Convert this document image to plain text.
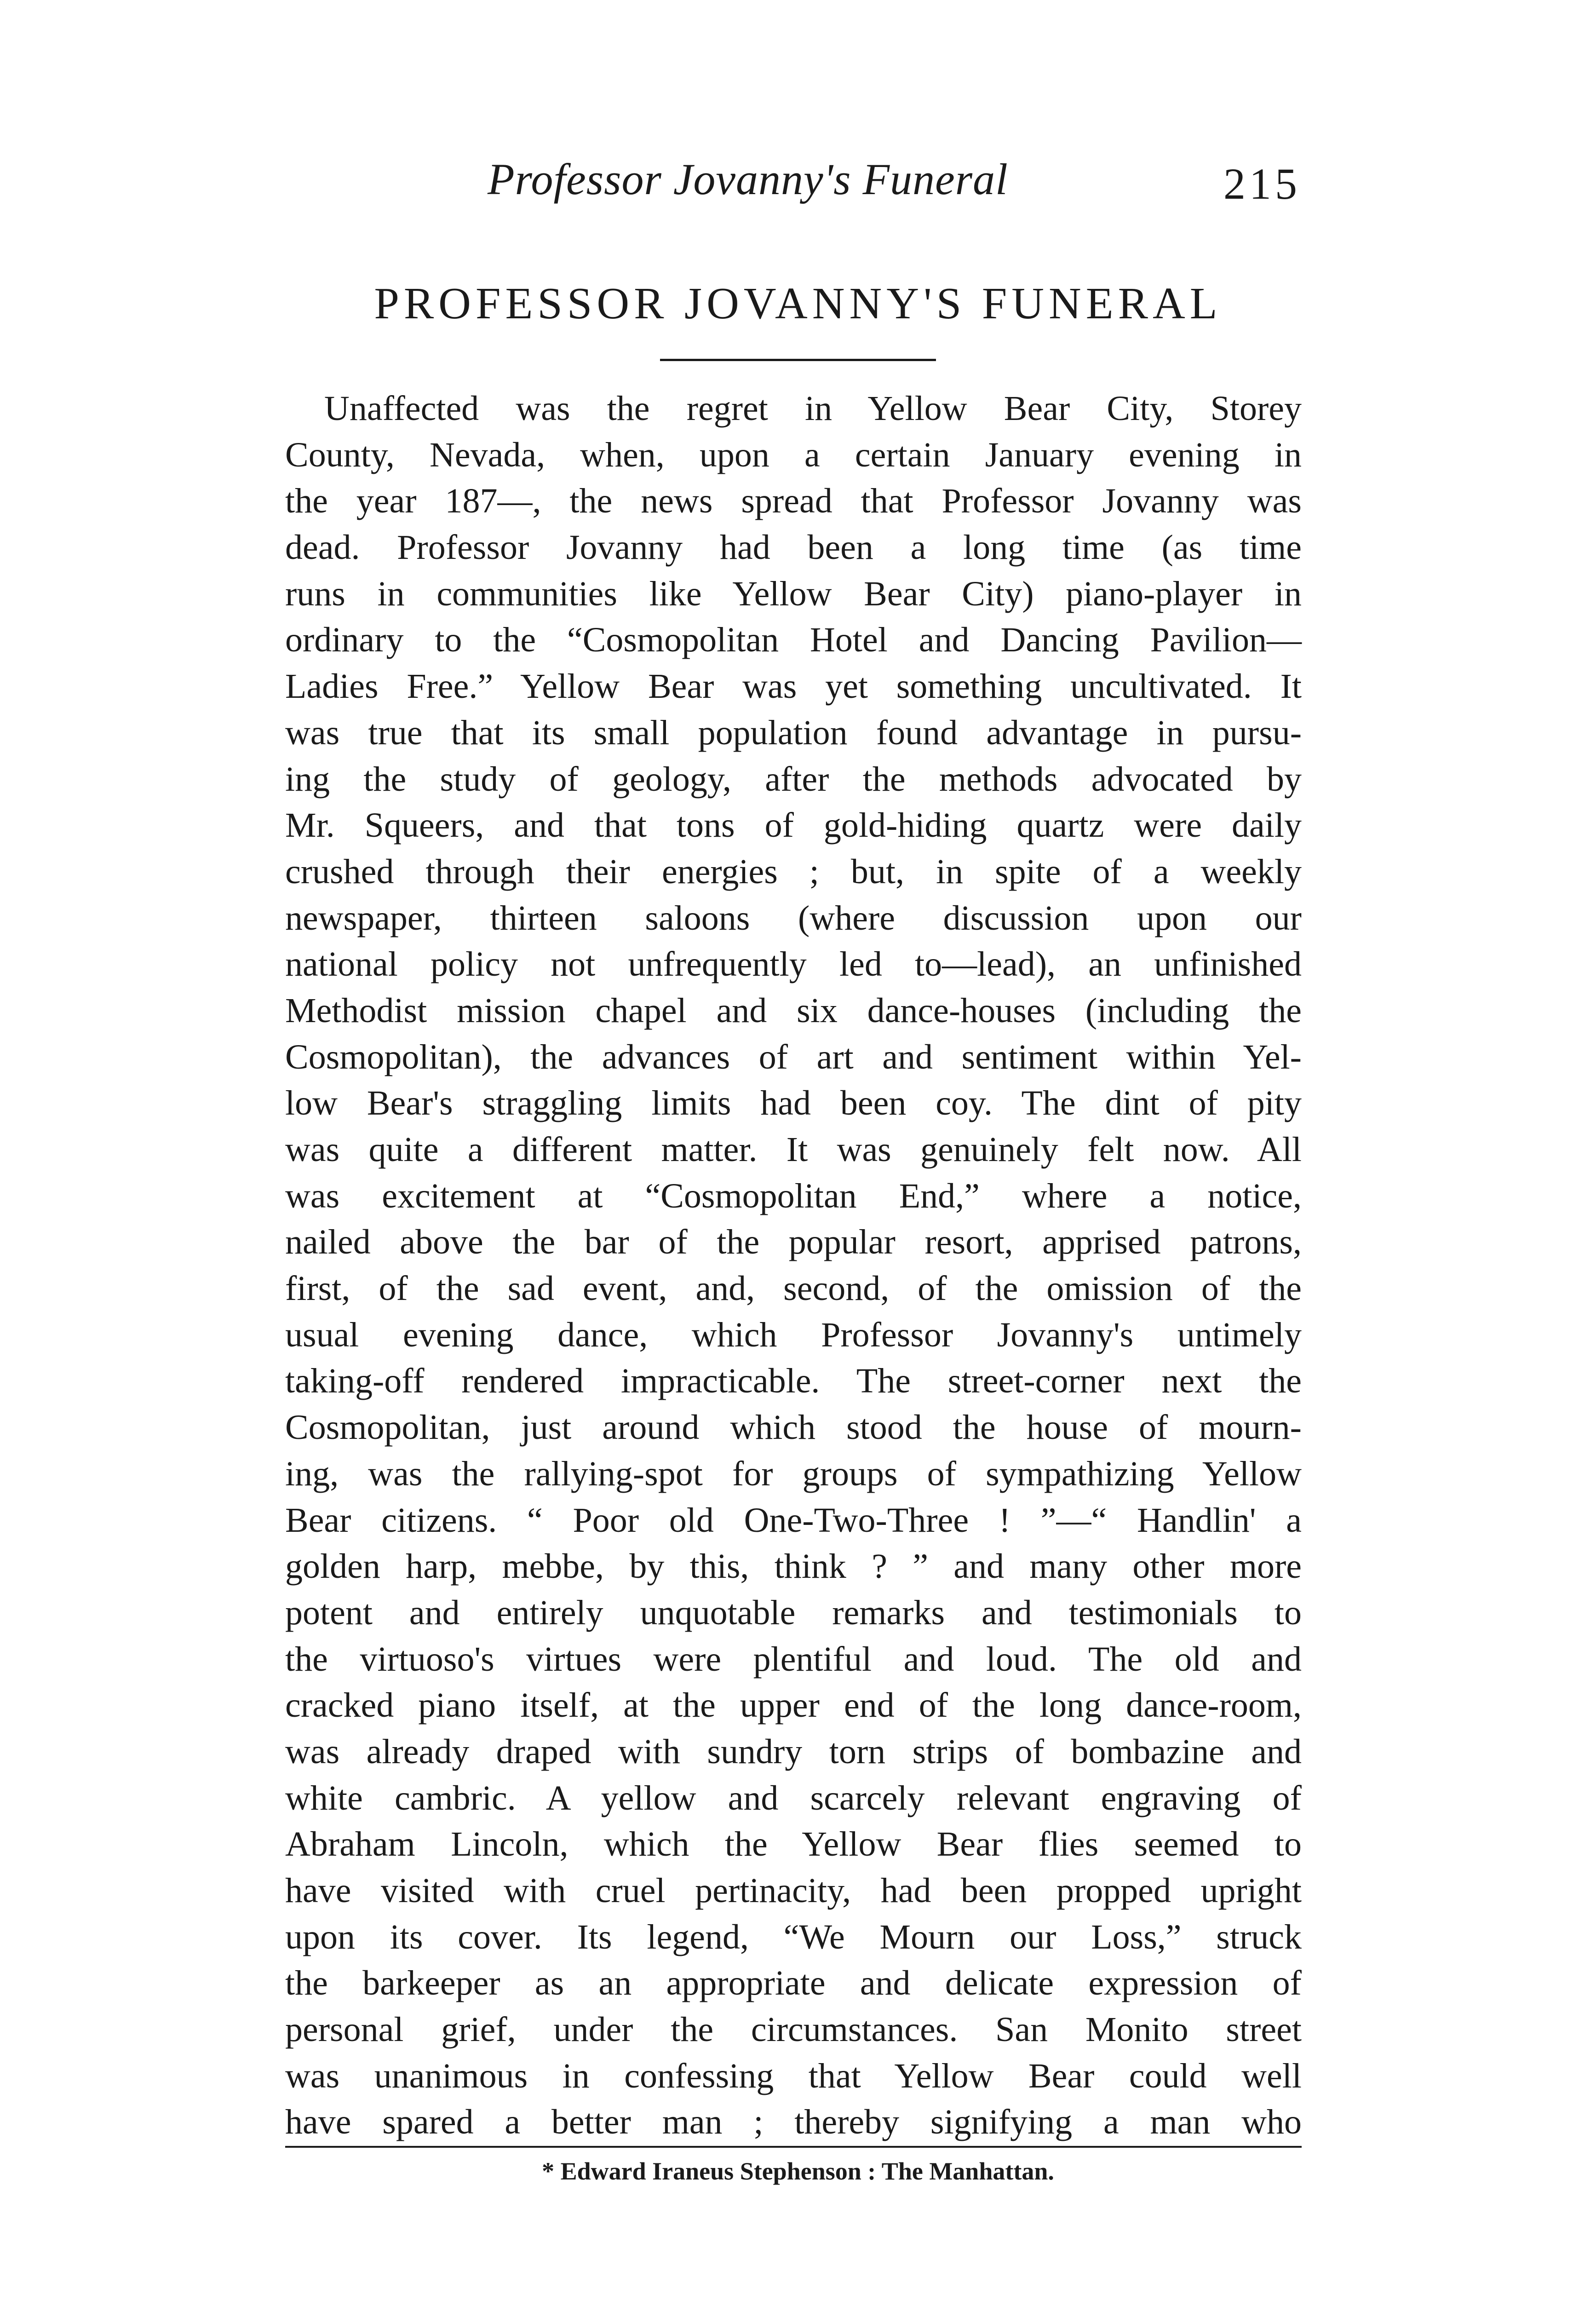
Professor Jovanny's Funeral	215
PROFESSOR JOVANNY'S FUNERAL
Unaffected was the regret in Yellow Bear City, Storey
County, Nevada, when, upon a certain January evening in
the year 187—, the news spread that Professor Jovanny was
dead. Professor Jovanny had been a long time (as time
runs in communities like Yellow Bear City) piano-player in
ordinary to the “Cosmopolitan Hotel and Dancing Pavilion—
Ladies Free.” Yellow Bear was yet something uncultivated. It
was true that its small population found advantage in pursu-
ing the study of geology, after the methods advocated by
Mr. Squeers, and that tons of gold-hiding quartz were daily
crushed through their energies ; but, in spite of a weekly
newspaper, thirteen saloons (where discussion upon our
national policy not unfrequently led to—lead), an unfinished
Methodist mission chapel and six dance-houses (including the
Cosmopolitan), the advances of art and sentiment within Yel-
low Bear's straggling limits had been coy. The dint of pity
was quite a different matter. It was genuinely felt now. All
was excitement at “Cosmopolitan End,” where a notice,
nailed above the bar of the popular resort, apprised patrons,
first, of the sad event, and, second, of the omission of the
usual evening dance, which Professor Jovanny's untimely
taking-off rendered impracticable. The street-corner next the
Cosmopolitan, just around which stood the house of mourn-
ing, was the rallying-spot for groups of sympathizing Yellow
Bear citizens. “ Poor old One-Two-Three ! ”—“ Handlin' a
golden harp, mebbe, by this, think ? ” and many other more
potent and entirely unquotable remarks and testimonials to
the virtuoso's virtues were plentiful and loud. The old and
cracked piano itself, at the upper end of the long dance-room,
was already draped with sundry torn strips of bombazine and
white cambric. A yellow and scarcely relevant engraving of
Abraham Lincoln, which the Yellow Bear flies seemed to
have visited with cruel pertinacity, had been propped upright
upon its cover. Its legend, “We Mourn our Loss,” struck
the barkeeper as an appropriate and delicate expression of
personal grief, under the circumstances. San Monito street
was unanimous in confessing that Yellow Bear could well
have spared a better man ; thereby signifying a man who
* Edward Iraneus Stephenson : The Manhattan.
